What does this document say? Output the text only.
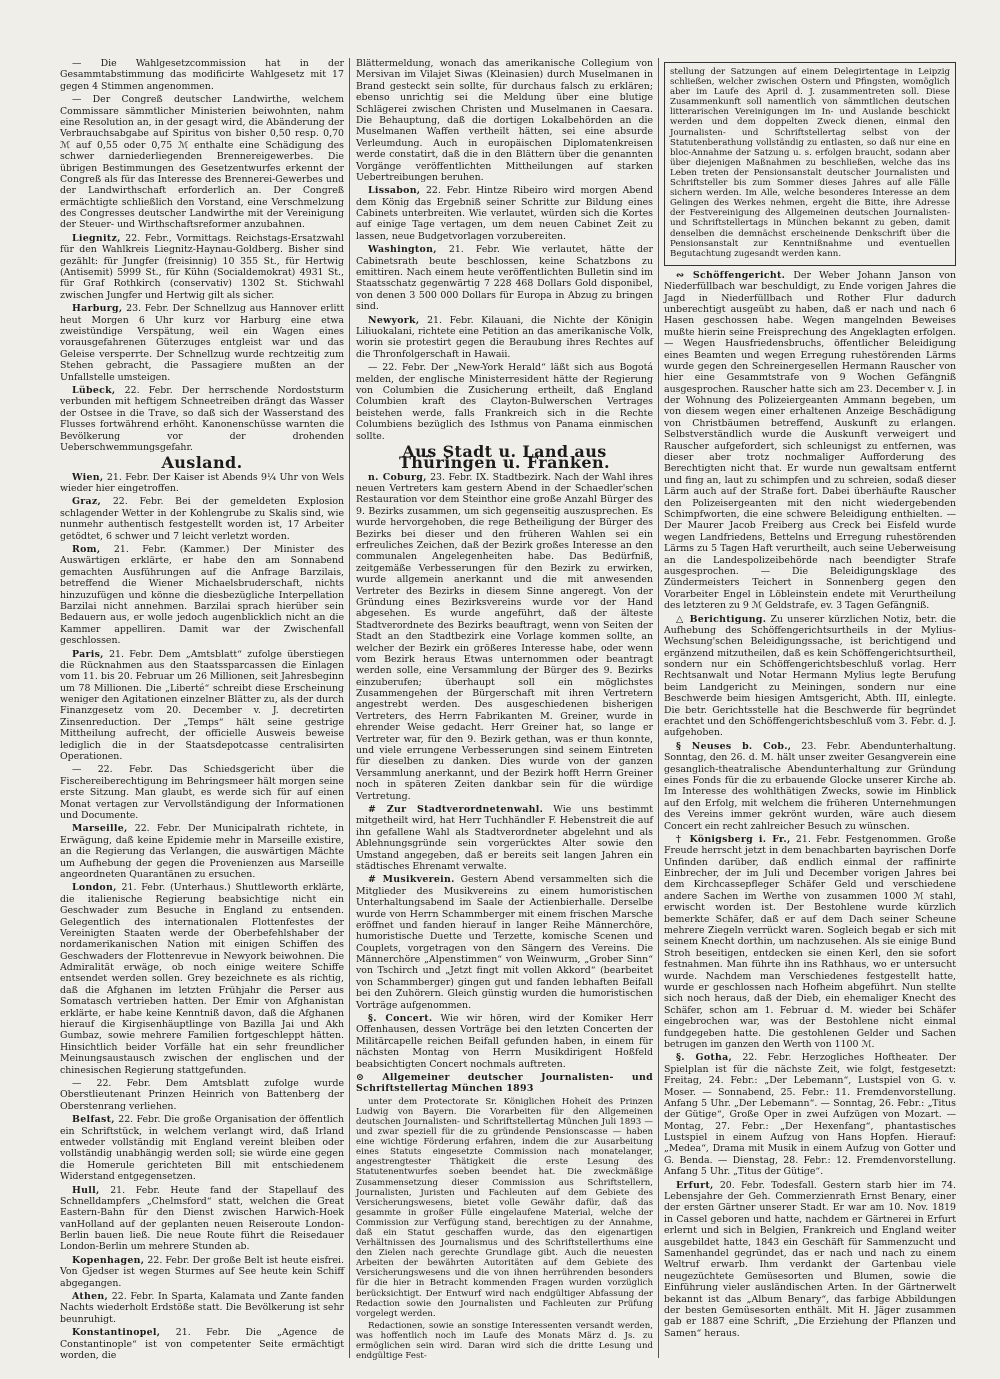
— Die Wahlgesetzcommission hat in der Gesammtabstimmung das modificirte Wahlgesetz mit 17 gegen 4 Stimmen angenommen.

— Der Congreß deutscher Landwirthe, welchem Commissare sämmtlicher Ministerien beiwohnten, nahm eine Resolution an, in der gesagt wird, die Abänderung der Verbrauchsabgabe auf Spiritus von bisher 0,50 resp. 0,70 ℳ auf 0,55 oder 0,75 ℳ enthalte eine Schädigung des schwer darniederliegenden Brennereigewerbes. Die übrigen Bestimmungen des Gesetzentwurfes erkennt der Congreß als für das Interesse des Brennerei-Gewerbes und der Landwirthschaft erforderlich an. Der Congreß ermächtigte schließlich den Vorstand, eine Verschmelzung des Congresses deutscher Landwirthe mit der Vereinigung der Steuer- und Wirthschaftsreformer anzubahnen.

Liegnitz, 22. Febr., Vormittags. Reichstags-Ersatzwahl für den Wahlkreis Liegnitz-Haynau-Goldberg. Bisher sind gezählt: für Jungfer (freisinnig) 10 355 St., für Hertwig (Antisemit) 5999 St., für Kühn (Socialdemokrat) 4931 St., für Graf Rothkirch (conservativ) 1302 St. Stichwahl zwischen Jungfer und Hertwig gilt als sicher.

Harburg, 23. Febr. Der Schnellzug aus Hannover erlitt heut Morgen 6 Uhr kurz vor Harburg eine etwa zweistündige Verspätung, weil ein Wagen eines vorausgefahrenen Güterzuges entgleist war und das Geleise versperrte. Der Schnellzug wurde rechtzeitig zum Stehen gebracht, die Passagiere mußten an der Unfallstelle umsteigen.

Lübeck, 22. Febr. Der herrschende Nordoststurm verbunden mit heftigem Schneetreiben drängt das Wasser der Ostsee in die Trave, so daß sich der Wasserstand des Flusses fortwährend erhöht. Kanonenschüsse warnten die Bevölkerung vor der drohenden Ueberschwemmungsgefahr.

Ausland.

Wien, 21. Febr. Der Kaiser ist Abends 9¼ Uhr von Wels wieder hier eingetroffen.

Graz, 22. Febr. Bei der gemeldeten Explosion schlagender Wetter in der Kohlengrube zu Skalis sind, wie nunmehr authentisch festgestellt worden ist, 17 Arbeiter getödtet, 6 schwer und 7 leicht verletzt worden.

Rom, 21. Febr. (Kammer.) Der Minister des Auswärtigen erklärte, er habe den am Sonnabend gemachten Ausführungen auf die Anfrage Barzilais, betreffend die Wiener Michaelsbruderschaft, nichts hinzuzufügen und könne die diesbezügliche Interpellation Barzilai nicht annehmen. Barzilai sprach hierüber sein Bedauern aus, er wolle jedoch augenblicklich nicht an die Kammer appelliren. Damit war der Zwischenfall geschlossen.

Paris, 21. Febr. Dem „Amtsblatt“ zufolge überstiegen die Rücknahmen aus den Staatssparcassen die Einlagen vom 11. bis 20. Februar um 26 Millionen, seit Jahresbeginn um 78 Millionen. Die „Liberté“ schreibt diese Erscheinung weniger den Agitationen einzelner Blätter zu, als der durch Finanzgesetz vom 20. December v. J. decretirten Zinsenreduction. Der „Temps“ hält seine gestrige Mittheilung aufrecht, der officielle Ausweis beweise lediglich die in der Staatsdepotcasse centralisirten Operationen.

— 22. Febr. Das Schiedsgericht über die Fischereiberechtigung im Behringsmeer hält morgen seine erste Sitzung. Man glaubt, es werde sich für auf einen Monat vertagen zur Vervollständigung der Informationen und Documente.

Marseille, 22. Febr. Der Municipalrath richtete, in Erwägung, daß keine Epidemie mehr in Marseille existire, an die Regierung das Verlangen, die auswärtigen Mächte um Aufhebung der gegen die Provenienzen aus Marseille angeordneten Quarantänen zu ersuchen.

London, 21. Febr. (Unterhaus.) Shuttleworth erklärte, die italienische Regierung beabsichtige nicht ein Geschwader zum Besuche in England zu entsenden. Gelegentlich des internationalen Flottenfestes der Vereinigten Staaten werde der Oberbefehlshaber der nordamerikanischen Nation mit einigen Schiffen des Geschwaders der Flottenrevue in Newyork beiwohnen. Die Admiralität erwäge, ob noch einige weitere Schiffe entsendet werden sollen. Grey bezeichnete es als richtig, daß die Afghanen im letzten Frühjahr die Perser aus Somatasch vertrieben hatten. Der Emir von Afghanistan erklärte, er habe keine Kenntniß davon, daß die Afghanen hierauf die Kirgisenhäuptlinge von Bazilla Jai und Akh Gumbaz, sowie mehrere Familien fortgeschleppt hätten. Hinsichtlich beider Vorfälle hat ein sehr freundlicher Meinungsaustausch zwischen der englischen und der chinesischen Regierung stattgefunden.

— 22. Febr. Dem Amtsblatt zufolge wurde Oberstlieutenant Prinzen Heinrich von Battenberg der Oberstenrang verliehen.

Belfast, 22. Febr. Die große Organisation der öffentlich ein Schriftstück, in welchem verlangt wird, daß Irland entweder vollständig mit England vereint bleiben oder vollständig unabhängig werden soll; sie würde eine gegen die Homerule gerichteten Bill mit entschiedenem Widerstand entgegensetzen.

Hull, 21. Febr. Heute fand der Stapellauf des Schnelldampfers „Chelmsford“ statt, welchen die Great Eastern-Bahn für den Dienst zwischen Harwich-Hoek vanHolland auf der geplanten neuen Reiseroute London-Berlin bauen ließ. Die neue Route führt die Reisedauer London-Berlin um mehrere Stunden ab.

Kopenhagen, 22. Febr. Der große Belt ist heute eisfrei. Von Gjedser ist wegen Sturmes auf See heute kein Schiff abgegangen.

Athen, 22. Febr. In Sparta, Kalamata und Zante fanden Nachts wiederholt Erdstöße statt. Die Bevölkerung ist sehr beunruhigt.

Konstantinopel, 21. Febr. Die „Agence de Constantinople“ ist von competenter Seite ermächtigt worden, die

Blättermeldung, wonach das amerikanische Collegium von Mersivan im Vilajet Siwas (Kleinasien) durch Muselmanen in Brand gesteckt sein sollte, für durchaus falsch zu erklären; ebenso unrichtig sei die Meldung über eine blutige Schlägerei zwischen Christen und Muselmanen in Caesara. Die Behauptung, daß die dortigen Lokalbehörden an die Muselmanen Waffen vertheilt hätten, sei eine absurde Verleumdung. Auch in europäischen Diplomatenkreisen werde constatirt, daß die in den Blättern über die genannten Vorgänge veröffentlichten Mittheilungen auf starken Uebertreibungen beruhen.

Lissabon, 22. Febr. Hintze Ribeiro wird morgen Abend dem König das Ergebniß seiner Schritte zur Bildung eines Cabinets unterbreiten. Wie verlautet, würden sich die Kortes auf einige Tage vertagen, um dem neuen Cabinet Zeit zu lassen, neue Budgetvorlagen vorzubereiten.

Washington, 21. Febr. Wie verlautet, hätte der Cabinetsrath beute beschlossen, keine Schatzbons zu emittiren. Nach einem heute veröffentlichten Bulletin sind im Staatsschatz gegenwärtig 7 228 468 Dollars Gold disponibel, von denen 3 500 000 Dollars für Europa in Abzug zu bringen sind.

Newyork, 21. Febr. Kilauani, die Nichte der Königin Liliuokalani, richtete eine Petition an das amerikanische Volk, worin sie protestirt gegen die Beraubung ihres Rechtes auf die Thronfolgerschaft in Hawaii.

— 22. Febr. Der „New-York Herald“ läßt sich aus Bogotá melden, der englische Ministerresident hätte der Regierung von Columbien die Zusicherung ertheilt, daß England Columbien kraft des Clayton-Bulwerschen Vertrages beistehen werde, falls Frankreich sich in die Rechte Columbiens bezüglich des Isthmus von Panama einmischen sollte.

Aus Stadt u. Land aus Thüringen u. Franken.

n. Coburg, 23. Febr. IX. Stadtbezirk. Nach der Wahl ihres neuen Vertreters kam gestern Abend in der Schaedler'schen Restauration vor dem Steinthor eine große Anzahl Bürger des 9. Bezirks zusammen, um sich gegenseitig auszusprechen. Es wurde hervorgehoben, die rege Betheiligung der Bürger des Bezirks bei dieser und den früheren Wahlen sei ein erfreuliches Zeichen, daß der Bezirk großes Interesse an den communalen Angelegenheiten habe. Das Bedürfniß, zeitgemäße Verbesserungen für den Bezirk zu erwirken, wurde allgemein anerkannt und die mit anwesenden Vertreter des Bezirks in diesem Sinne angeregt. Von der Gründung eines Bezirksvereins wurde vor der Hand abgesehen. Es wurde angeführt, daß der älteste Stadtverordnete des Bezirks beauftragt, wenn von Seiten der Stadt an den Stadtbezirk eine Vorlage kommen sollte, an welcher der Bezirk ein größeres Interesse habe, oder wenn vom Bezirk heraus Etwas unternommen oder beantragt werden solle, eine Versammlung der Bürger des 9. Bezirks einzuberufen; überhaupt soll ein möglichstes Zusammengehen der Bürgerschaft mit ihren Vertretern angestrebt werden. Des ausgeschiedenen bisherigen Vertreters, des Herrn Fabrikanten M. Greiner, wurde in ehrender Weise gedacht. Herr Greiner hat, so lange er Vertreter war, für den 9. Bezirk gethan, was er thun konnte, und viele errungene Verbesserungen sind seinem Eintreten für dieselben zu danken. Dies wurde von der ganzen Versammlung anerkannt, und der Bezirk hofft Herrn Greiner noch in späteren Zeiten dankbar sein für die würdige Vertretung.

# Zur Stadtverordnetenwahl. Wie uns bestimmt mitgetheilt wird, hat Herr Tuchhändler F. Hebenstreit die auf ihn gefallene Wahl als Stadtverordneter abgelehnt und als Ablehnungsgründe sein vorgerücktes Alter sowie den Umstand angegeben, daß er bereits seit langen Jahren ein städtisches Ehrenamt verwalte.

# Musikverein. Gestern Abend versammelten sich die Mitglieder des Musikvereins zu einem humoristischen Unterhaltungsabend im Saale der Actienbierhalle. Derselbe wurde von Herrn Schammberger mit einem frischen Marsche eröffnet und fanden hierauf in langer Reihe Männerchöre, humoristische Duette und Terzette, komische Scenen und Couplets, vorgetragen von den Sängern des Vereins. Die Männerchöre „Alpenstimmen“ von Weinwurm, „Grober Sinn“ von Tschirch und „Jetzt fingt mit vollen Akkord“ (bearbeitet von Schammberger) gingen gut und fanden lebhaften Beifall bei den Zuhörern. Gleich günstig wurden die humoristischen Vorträge aufgenommen.

§. Concert. Wie wir hören, wird der Komiker Herr Offenhausen, dessen Vorträge bei den letzten Concerten der Militärcapelle reichen Beifall gefunden haben, in einem für nächsten Montag von Herrn Musikdirigent Hoßfeld beabsichtigten Concert nochmals auftreten.

⊙ Allgemeiner deutscher Journalisten- und Schriftstellertag München 1893

unter dem Protectorate Sr. Königlichen Hoheit des Prinzen Ludwig von Bayern. Die Vorarbeiten für den Allgemeinen deutschen Journalisten- und Schriftstellertag München Juli 1893 — und zwar speziell für die zu gründende Pensionscasse — haben eine wichtige Förderung erfahren, indem die zur Ausarbeitung eines Statuts eingesetzte Commission nach monatelanger, angestrengtester Thätigkeit die erste Lesung des Statutenentwurfes soeben beendet hat. Die zweckmäßige Zusammensetzung dieser Commission aus Schriftstellern, Journalisten, Juristen und Fachleuten auf dem Gebiete des Versicherungswesens, bietet volle Gewähr dafür, daß das gesammte in großer Fülle eingelaufene Material, welche der Commission zur Verfügung stand, berechtigen zu der Annahme, daß ein Statut geschaffen wurde, das den eigenartigen Verhältnissen des Journalismus und des Schriftstellerthums eine den Zielen nach gerechte Grundlage gibt. Auch die neuesten Arbeiten der bewährten Autoritäten auf dem Gebiete des Versicherungswesens und die von ihnen herrührenden besonders für die hier in Betracht kommenden Fragen wurden vorzüglich berücksichtigt. Der Entwurf wird nach endgültiger Abfassung der Redaction sowie den Journalisten und Fachleuten zur Prüfung vorgelegt werden.

Redactionen, sowie an sonstige Interessenten versandt werden, was hoffentlich noch im Laufe des Monats März d. Js. zu ermöglichen sein wird. Daran wird sich die dritte Lesung und endgültige Fest-

stellung der Satzungen auf einem Delegirtentage in Leipzig schließen, welcher zwischen Ostern und Pfingsten, womöglich aber im Laufe des April d. J. zusammentreten soll. Diese Zusammenkunft soll namentlich von sämmtlichen deutschen litterarischen Vereinigungen im In- und Auslande beschickt werden und dem doppelten Zweck dienen, einmal den Journalisten- und Schriftstellertag selbst von der Statutenberathung vollständig zu entlasten, so daß nur eine en bloc-Annahme der Satzung u. s. erfolgen braucht, sodann aber über diejenigen Maßnahmen zu beschließen, welche das ins Leben treten der Pensionsanstalt deutscher Journalisten und Schriftsteller bis zum Sommer dieses Jahres auf alle Fälle sichern werden. Im Alle, welche besonderes Interesse an dem Gelingen des Werkes nehmen, ergeht die Bitte, ihre Adresse der Festvereinigung des Allgemeinen deutschen Journalisten- und Schriftstellertags in München bekannt zu geben, damit denselben die demnächst erscheinende Denkschrift über die Pensionsanstalt zur Kenntnißnahme und eventuellen Begutachtung zugesandt werden kann.

∾ Schöffengericht. Der Weber Johann Janson von Niederfüllbach war beschuldigt, zu Ende vorigen Jahres die Jagd in Niederfüllbach und Rother Flur dadurch unberechtigt ausgeübt zu haben, daß er nach und nach 6 Hasen geschossen habe. Wegen mangelnden Beweises mußte hierin seine Freisprechung des Angeklagten erfolgen. — Wegen Hausfriedensbruchs, öffentlicher Beleidigung eines Beamten und wegen Erregung ruhestörenden Lärms wurde gegen den Schreinergesellen Hermann Rauscher von hier eine Gesammtstrafe von 9 Wochen Gefängniß ausgesprochen. Rauscher hatte sich am 23. December v. J. in der Wohnung des Polizeiergeanten Ammann begeben, um von diesem wegen einer erhaltenen Anzeige Beschädigung von Christbäumen betreffend, Auskunft zu erlangen. Selbstverständlich wurde die Auskunft verweigert und Rauscher aufgefordert, sich schleunigst zu entfernen, was dieser aber trotz nochmaliger Aufforderung des Berechtigten nicht that. Er wurde nun gewaltsam entfernt und fing an, laut zu schimpfen und zu schreien, sodaß dieser Lärm auch auf der Straße fort. Dabei überhäufte Rauscher den Polizeisergeanten mit den nicht wiedergebenden Schimpfworten, die eine schwere Beleidigung enthielten. — Der Maurer Jacob Freiberg aus Creck bei Eisfeld wurde wegen Landfriedens, Bettelns und Erregung ruhestörenden Lärms zu 5 Tagen Haft verurtheilt, auch seine Ueberweisung an die Landespolizeibehörde nach beendigter Strafe ausgesprochen. — Die Beleidigungsklage des Zündermeisters Teichert in Sonnenberg gegen den Vorarbeiter Engel in Löbleinstein endete mit Verurtheilung des letzteren zu 9 ℳ Geldstrafe, ev. 3 Tagen Gefängniß.

△ Berichtigung. Zu unserer kürzlichen Notiz, betr. die Aufhebung des Schöffengerichtsurtheils in der Mylius-Wechsung'schen Beleidigungssache, ist berichtigend und ergänzend mitzutheilen, daß es kein Schöffengerichtsurtheil, sondern nur ein Schöffengerichtsbeschluß vorlag. Herr Rechtsanwalt und Notar Hermann Mylius legte Berufung beim Landgericht zu Meiningen, sondern nur eine Beschwerde beim hiesigen Amtsgericht, Abth. III, einlegte. Die betr. Gerichtsstelle hat die Beschwerde für begründet erachtet und den Schöffengerichtsbeschluß vom 3. Febr. d. J. aufgehoben.

§ Neuses b. Cob., 23. Febr. Abendunterhaltung. Sonntag, den 26. d. M. hält unser zweiter Gesangverein eine gesanglich-theatralische Abendunterhaltung zur Gründung eines Fonds für die zu erbauende Glocke unserer Kirche ab. Im Interesse des wohlthätigen Zwecks, sowie im Hinblick auf den Erfolg, mit welchem die früheren Unternehmungen des Vereins immer gekrönt wurden, wäre auch diesem Concert ein recht zahlreicher Besuch zu wünschen.

† Königsberg i. Fr., 21. Febr. Festgenommen. Große Freude herrscht jetzt in dem benachbarten bayrischen Dorfe Unfinden darüber, daß endlich einmal der raffinirte Einbrecher, der im Juli und December vorigen Jahres bei dem Kirchcassepfleger Schäfer Geld und verschiedene andere Sachen im Werthe von zusammen 1000 ℳ stahl, erwischt worden ist. Der Bestohlene wurde kürzlich bemerkte Schäfer, daß er auf dem Dach seiner Scheune mehrere Ziegeln verrückt waren. Sogleich begab er sich mit seinem Knecht dorthin, um nachzusehen. Als sie einige Bund Stroh beseitigen, entdecken sie einen Kerl, den sie sofort festnahmen. Man führte ihn ins Rathhaus, wo er untersucht wurde. Nachdem man Verschiedenes festgestellt hatte, wurde er geschlossen nach Hofheim abgeführt. Nun stellte sich noch heraus, daß der Dieb, ein ehemaliger Knecht des Schäfer, schon am 1. Februar d. M. wieder bei Schäfer eingebrochen war, was der Bestohlene nicht einmal fundgegeben hatte. Die gestohlenen Gelder und Sachen betrugen im ganzen den Werth von 1100 ℳ.

§. Gotha, 22. Febr. Herzogliches Hoftheater. Der Spielplan ist für die nächste Zeit, wie folgt, festgesetzt: Freitag, 24. Febr.: „Der Lebemann“, Lustspiel von G. v. Moser. — Sonnabend, 25. Febr.: 11. Fremdenvorstellung. Anfang 5 Uhr. „Der Lebemann“. — Sonntag, 26. Febr.: „Titus der Gütige“, Große Oper in zwei Aufzügen von Mozart. — Montag, 27. Febr.: „Der Hexenfang“, phantastisches Lustspiel in einem Aufzug von Hans Hopfen. Hierauf: „Medea“, Drama mit Musik in einem Aufzug von Gotter und G. Benda. — Dienstag, 28. Febr.: 12. Fremdenvorstellung. Anfang 5 Uhr. „Titus der Gütige“.

Erfurt, 20. Febr. Todesfall. Gestern starb hier im 74. Lebensjahre der Geh. Commerzienrath Ernst Benary, einer der ersten Gärtner unserer Stadt. Er war am 10. Nov. 1819 in Cassel geboren und hatte, nachdem er Gärtnerei in Erfurt erlernt und sich in Belgien, Frankreich und England weiter ausgebildet hatte, 1843 ein Geschäft für Sammenzucht und Samenhandel gegründet, das er nach und nach zu einem Weltruf erwarb. Ihm verdankt der Gartenbau viele neugezüchtete Gemüsesorten und Blumen, sowie die Einführung vieler ausländischen Arten. In der Gärtnerwelt bekannt ist das „Album Benary“, das farbige Abbildungen der besten Gemüsesorten enthält. Mit H. Jäger zusammen gab er 1887 eine Schrift, „Die Erziehung der Pflanzen und Samen“ heraus.
